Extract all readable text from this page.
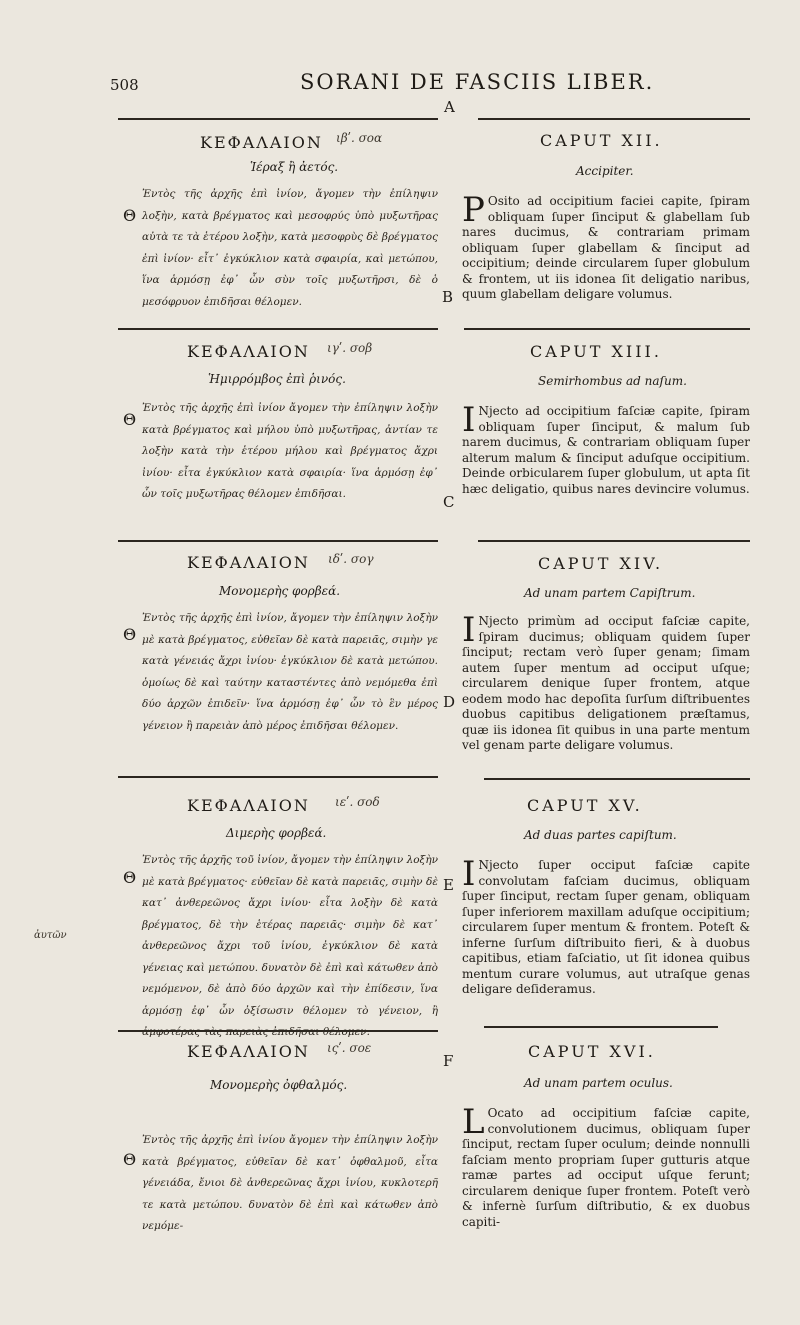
508	SORANI DE FASCIIS LIBER.
A
B
C
D
E
F
ἀυτῶν
ΚΕΦΑΛΑΙΟΝ ιβʹ. σοα
Ἱέραξ ἢ ἀετός.
Θ
Ἐντὸς τῆς ἀρχῆς ἐπὶ ἰνίον, ἄγομεν τὴν ἐπίληψιν λοξὴν, κατὰ βρέγματος καὶ μεσοφρύς ὑπὸ μυξωτῆρας αὐτὰ τε τὰ ἑτέρου λοξὴν, κατὰ μεσοφρὺς δὲ βρέγματος ἐπὶ ἰνίον· εἶτ᾽ ἐγκύκλιον κατὰ σφαιρία, καὶ μετώπου, ἵνα ἁρμόσῃ ἐφ᾽ ὧν σὺν τοῖς μυξωτῆρσι, δὲ ὁ μεσόφρυον ἐπιδῆσαι θέλομεν.
ΚΕΦΑΛΑΙΟΝ ιγʹ. σοβ
Ἡμιρρόμβος ἐπὶ ῥινός.
Θ
Ἐντὸς τῆς ἀρχῆς ἐπὶ ἰνίον ἄγομεν τὴν ἐπίληψιν λοξὴν κατὰ βρέγματος καὶ μήλου ὑπὸ μυξωτῆρας, ἀντίαν τε λοξὴν κατὰ τὴν ἑτέρου μήλου καὶ βρέγματος ἄχρι ἰνίου· εἶτα ἐγκύκλιον κατὰ σφαιρία· ἵνα ἁρμόσῃ ἐφ᾽ ὧν τοῖς μυξωτῆρας θέλομεν ἐπιδῆσαι.
ΚΕΦΑΛΑΙΟΝ ιδʹ. σογ
Μονομερὴς φορβεά.
Θ
Ἐντὸς τῆς ἀρχῆς ἐπὶ ἰνίον, ἄγομεν τὴν ἐπίληψιν λοξὴν μὲ κατὰ βρέγματος, εὐθεῖαν δὲ κατὰ παρειᾶς, σιμὴν γε κατὰ γένειάς ἄχρι ἰνίου· ἐγκύκλιον δὲ κατὰ μετώπου. ὁμοίως δὲ καὶ ταύτην καταστέντες ἀπὸ νεμόμεθα ἐπὶ δύο ἀρχῶν ἐπιδεῖν· ἵνα ἁρμόσῃ ἐφ᾽ ὧν τὸ ἓν μέρος γένειον ἢ παρειὰν ἀπὸ μέρος ἐπιδῆσαι θέλομεν.
ΚΕΦΑΛΑΙΟΝ ιεʹ. σοδ
Διμερὴς φορβεά.
Θ
Ἐντὸς τῆς ἀρχῆς τοῦ ἰνίον, ἄγομεν τὴν ἐπίληψιν λοξὴν μὲ κατὰ βρέγματος· εὐθεῖαν δὲ κατὰ παρειᾶς, σιμὴν δὲ κατ᾽ ἀνθερεῶνος ἄχρι ἰνίου· εἶτα λοξὴν δὲ κατὰ βρέγματος, δὲ τὴν ἑτέρας παρειᾶς· σιμὴν δὲ κατ᾽ ἀνθερεῶνος ἄχρι τοῦ ἰνίου, ἐγκύκλιον δὲ κατὰ γένειας καὶ μετώπου. δυνατὸν δὲ ἐπὶ καὶ κάτωθεν ἀπὸ νεμόμενον, δὲ ἀπὸ δύο ἀρχῶν καὶ τὴν ἐπίδεσιν, ἵνα ἁρμόσῃ ἐφ᾽ ὧν ὀξίσωσιν θέλομεν τὸ γένειον, ἢ ἀμφοτέρας τὰς παρειὰς ἐπιδῆσαι θέλομεν.
ΚΕΦΑΛΑΙΟΝ ιςʹ. σοε
Μονομερὴς ὀφθαλμός.
Θ
Ἐντὸς τῆς ἀρχῆς ἐπὶ ἰνίου ἄγομεν τὴν ἐπίληψιν λοξὴν κατὰ βρέγματος, εὐθεῖαν δὲ κατ᾽ ὀφθαλμοῦ, εἶτα γένειάδα, ἔνιοι δὲ ἀνθερεῶνας ἄχρι ἰνίου, κυκλοτερῆ τε κατὰ μετώπου. δυνατὸν δὲ ἐπὶ καὶ κάτωθεν ἀπὸ νεμόμε-
CAPUT XII.
Accipiter.
P Osito ad occipitium faciei capite, ſpiram obliquam ſuper ſinciput & glabellam ſub nares ducimus, & contrariam primam obliquam ſuper glabellam & ſinciput ad occipitium; deinde circularem ſuper globulum & frontem, ut iis idonea ſit deligatio naribus, quum glabellam deligare volumus.
CAPUT XIII.
Semirhombus ad naſum.
I Njecto ad occipitium faſciæ capite, ſpiram obliquam ſuper ſinciput, & malum ſub narem ducimus, & contrariam obliquam ſuper alterum malum & ſinciput aduſque occipitium. Deinde orbicularem ſuper globulum, ut apta ſit hæc deligatio, quibus nares devincire volumus.
CAPUT XIV.
Ad unam partem Capiſtrum.
I Njecto primùm ad occiput faſciæ capite, ſpiram ducimus; obliquam quidem ſuper ſinciput; rectam verò ſuper genam; ſimam autem ſuper mentum ad occiput uſque; circularem denique ſuper frontem, atque eodem modo hac depoſita ſurſum diſtribuentes duobus capitibus deligationem præſtamus, quæ iis idonea ſit quibus in una parte mentum vel genam parte deligare volumus.
CAPUT XV.
Ad duas partes capiſtum.
I Njecto ſuper occiput faſciæ capite convolutam faſciam ducimus, obliquam ſuper ſinciput, rectam ſuper genam, obliquam ſuper inferiorem maxillam aduſque occipitium; circularem ſuper mentum & frontem. Poteſt & inferne ſurſum diſtribuito fieri, & à duobus capitibus, etiam faſciatio, ut ſit idonea quibus mentum curare volumus, aut utraſque genas deligare deſideramus.
CAPUT XVI.
Ad unam partem oculus.
L Ocato ad occipitium faſciæ capite, convolutionem ducimus, obliquam ſuper ſinciput, rectam ſuper oculum; deinde nonnulli faſciam mento propriam ſuper gutturis atque ramæ partes ad occiput uſque ferunt; circularem denique ſuper frontem. Poteſt verò & infernè ſurſum diſtributio, & ex duobus capiti-
